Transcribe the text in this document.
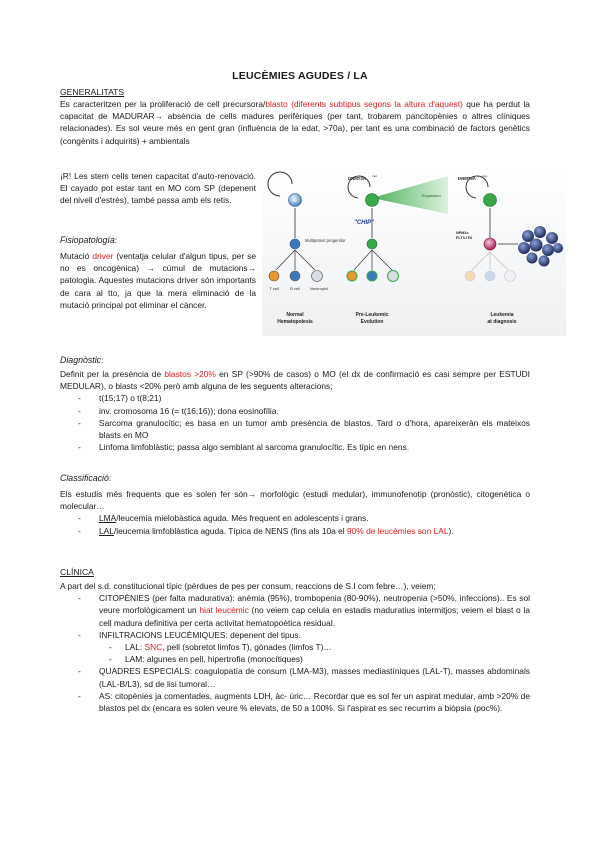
LEUCÈMIES AGUDES / LA
GENERALITATS
Es caracteritzen per la proliferació de cell precursora/blasto (diferents subtipus segons la altura d'aquest) que ha perdut la capacitat de MADURAR→ absència de cells madures perifèriques (per tant, trobarem pancitopènies o altres clíniques relacionades). Es sol veure més en gent gran (influència de la edat, >70a), per tant es una combinació de factors genètics (congènits i adquirits) + ambientals
¡R! Les stem cells tenen capacitat d'auto-renovació. El cayado pot estar tant en MO com SP (depenent del nivell d'estrès), també passa amb els retis.
Fisiopatología:
Mutació driver (ventatja celular d'algun tipus, per se no es oncogènica) → cúmul de mutacions→ patologia. Aquestes mutacions driver són importants de cara al tto, ja que la mera eliminació de la mutació principal pot eliminar el càncer.
HSC
Multipotent progenitor
T cell	B cell Neutrophil
Normal
Hematopoiesis
DNMT3A mut
Expansion
"CHIP"
Pre-Leukemic
Evolution
DNMT3A mut
NPM1c
FLT3-ITD
Leukemia
at diagnosis
Diagnòstic:
Definit per la presència de blastos >20% en SP (>90% de casos) o MO (el dx de confirmació es casi sempre per ESTUDI MEDULAR), o blasts <20% però amb alguna de les seguents alteracions;
- t(15;17) o t(8;21)
- inv. cromosoma 16 (= t(16;16)); dona eosinofília.
- Sarcoma granulocític; es basa en un tumor amb presència de blastos. Tard o d'hora, apareixeràn els mateixos blasts en MO
- Linfoma limfoblàstic; passa algo semblant al sarcoma granulocític. Es típic en nens.
Classificació:
Els estudis més frequents que es solen fer són→ morfològic (estudi medular), immunofenotip (pronòstic), citogenètica o molecular…
- LMA/leucemia mielobàstica aguda. Més frequent en adolescents i grans.
- LAL/leucemia limfoblàstica aguda. Típica de NENS (fins als 10a el 90% de leucèmies son LAL).
CLÍNICA
A part del s.d. constitucional típic (pèrdues de pes per consum, reaccions de S.I com febre…), veiem;
- CITOPÈNIES (per falta madurativa): anèmia (95%), trombopenia (80-90%), neutropenia (>50%, infeccions).. Es sol veure morfològicament un hiat leucèmic (no veiem cap celula en estadis maduratius intermitjos; veiem el blast o la cell madura definitiva per certa activitat hematopoètica residual.
- INFILTRACIONS LEUCÈMIQUES: depenent del tipus.
- LAL: SNC, pell (sobretot limfos T), gònades (limfos T)…
- LAM: algunes en pell, hipertrofia (monocítiques)
- QUADRES ESPECIALS: coagulopatía de consum (LMA-M3), masses mediastíniques (LAL-T), masses abdominals (LAL-B/L3), sd de lisi tumoral…
- AS: citopènies ja comentades, augments LDH, àc- úric… Recordar que es sol fer un aspirat medular, amb >20% de blastos pel dx (encara es solen veure % elevats, de 50 a 100%. Si l'aspirat es sec recurrim a biòpsia (poc%).
